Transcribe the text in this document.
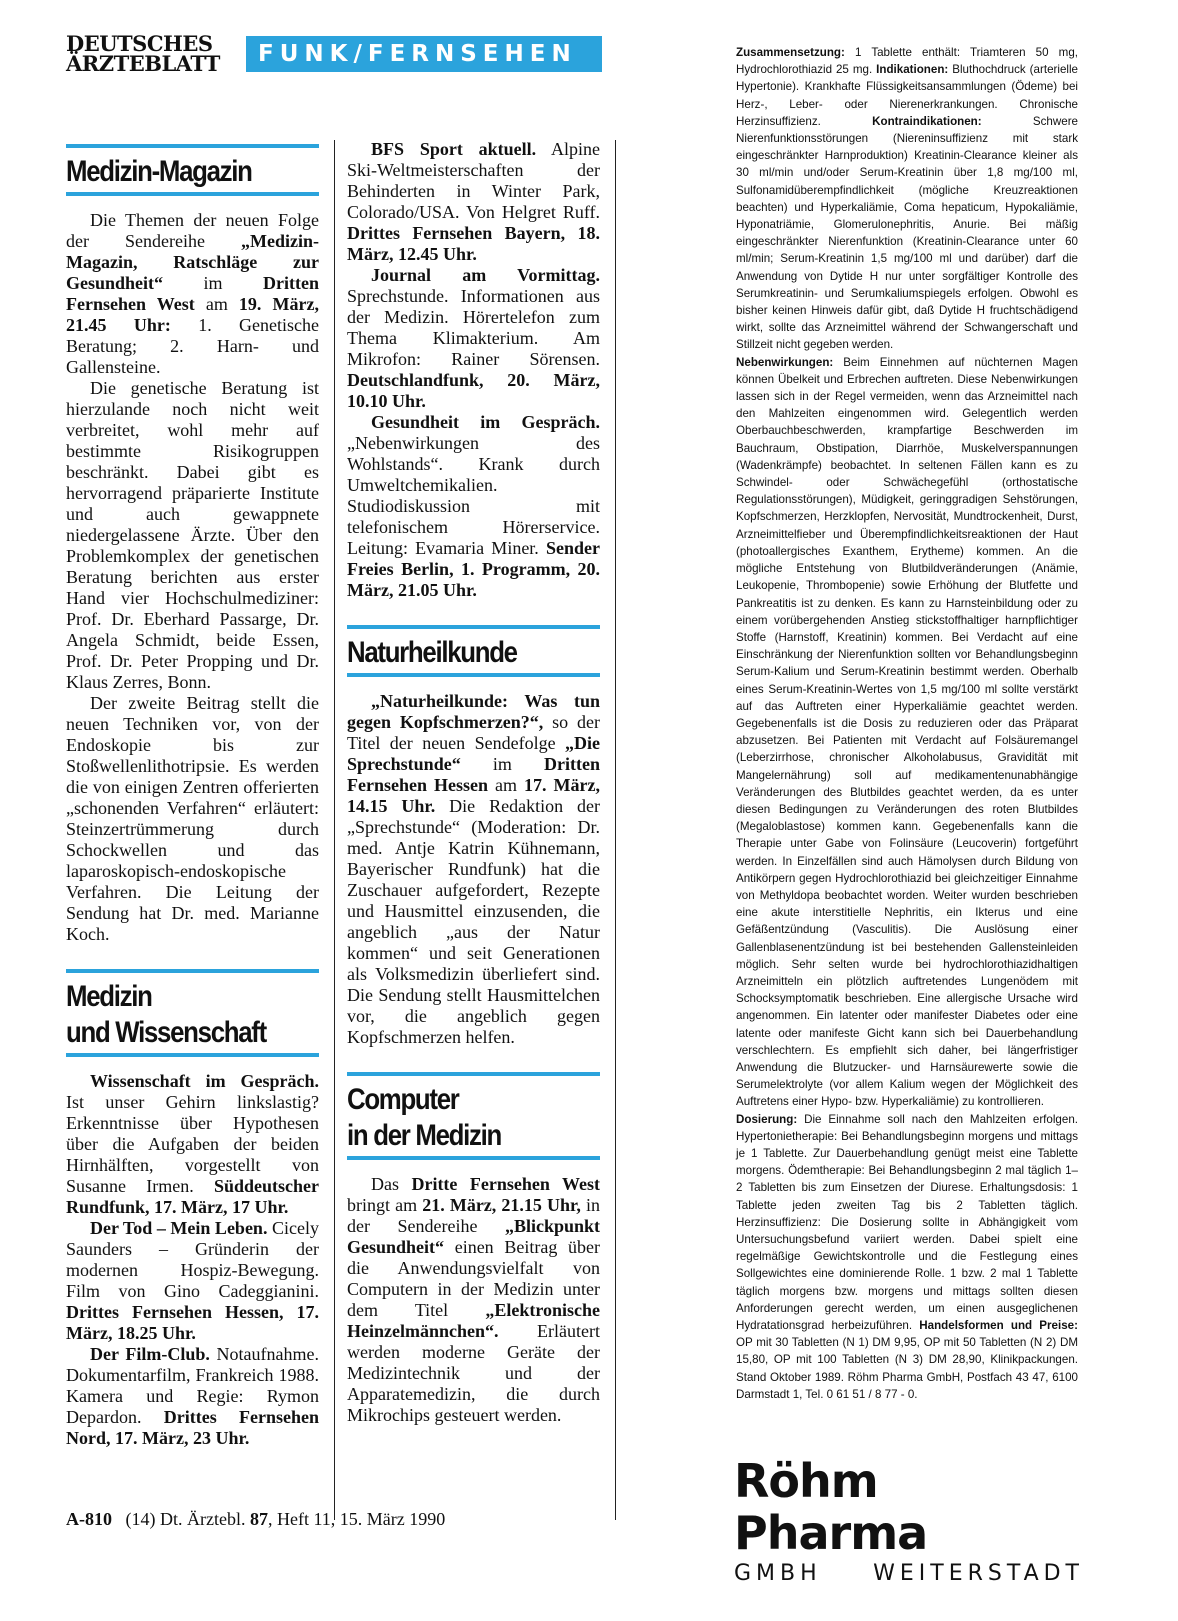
DEUTSCHES
ÄRZTEBLATT	FUNK/FERNSEHEN
Medizin-Magazin

Die Themen der neuen Folge der Sendereihe „Medizin-Magazin, Ratschläge zur Gesundheit“ im Dritten Fernsehen West am 19. März, 21.45 Uhr: 1. Genetische Beratung; 2. Harn- und Gallensteine.

Die genetische Beratung ist hierzulande noch nicht weit verbreitet, wohl mehr auf bestimmte Risikogruppen beschränkt. Dabei gibt es hervorragend präparierte Institute und auch gewappnete niedergelassene Ärzte. Über den Problemkomplex der genetischen Beratung berichten aus erster Hand vier Hochschulmediziner: Prof. Dr. Eberhard Passarge, Dr. Angela Schmidt, beide Essen, Prof. Dr. Peter Propping und Dr. Klaus Zerres, Bonn.

Der zweite Beitrag stellt die neuen Techniken vor, von der Endoskopie bis zur Stoßwellenlithotripsie. Es werden die von einigen Zentren offerierten „schonenden Verfahren“ erläutert: Steinzertrümmerung durch Schockwellen und das laparoskopisch-endoskopische Verfahren. Die Leitung der Sendung hat Dr. med. Marianne Koch.

Medizin
und Wissenschaft

Wissenschaft im Gespräch. Ist unser Gehirn linkslastig? Erkenntnisse über Hypothesen über die Aufgaben der beiden Hirnhälften, vorgestellt von Susanne Irmen. Süddeutscher Rundfunk, 17. März, 17 Uhr.

Der Tod – Mein Leben. Cicely Saunders – Gründerin der modernen Hospiz-Bewegung. Film von Gino Cadeggianini. Drittes Fernsehen Hessen, 17. März, 18.25 Uhr.

Der Film-Club. Notaufnahme. Dokumentarfilm, Frankreich 1988. Kamera und Regie: Rymon Depardon. Drittes Fernsehen Nord, 17. März, 23 Uhr.

BFS Sport aktuell. Alpine Ski-Weltmeisterschaften der Behinderten in Winter Park, Colorado/USA. Von Helgret Ruff. Drittes Fernsehen Bayern, 18. März, 12.45 Uhr.

Journal am Vormittag. Sprechstunde. Informationen aus der Medizin. Hörertelefon zum Thema Klimakterium. Am Mikrofon: Rainer Sörensen. Deutschlandfunk, 20. März, 10.10 Uhr.

Gesundheit im Gespräch. „Nebenwirkungen des Wohlstands“. Krank durch Umweltchemikalien. Studiodiskussion mit telefonischem Hörerservice. Leitung: Evamaria Miner. Sender Freies Berlin, 1. Programm, 20. März, 21.05 Uhr.

Naturheilkunde

„Naturheilkunde: Was tun gegen Kopfschmerzen?“, so der Titel der neuen Sendefolge „Die Sprechstunde“ im Dritten Fernsehen Hessen am 17. März, 14.15 Uhr. Die Redaktion der „Sprechstunde“ (Moderation: Dr. med. Antje Katrin Kühnemann, Bayerischer Rundfunk) hat die Zuschauer aufgefordert, Rezepte und Hausmittel einzusenden, die angeblich „aus der Natur kommen“ und seit Generationen als Volksmedizin überliefert sind. Die Sendung stellt Hausmittelchen vor, die angeblich gegen Kopfschmerzen helfen.

Computer
in der Medizin

Das Dritte Fernsehen West bringt am 21. März, 21.15 Uhr, in der Sendereihe „Blickpunkt Gesundheit“ einen Beitrag über die Anwendungsvielfalt von Computern in der Medizin unter dem Titel „Elektronische Heinzelmännchen“. Erläutert werden moderne Geräte der Medizintechnik und der Apparatemedizin, die durch Mikrochips gesteuert werden.

Zusammensetzung: 1 Tablette enthält: Triamteren 50 mg, Hydrochlorothiazid 25 mg. Indikationen: Bluthochdruck (arterielle Hypertonie). Krankhafte Flüssigkeitsansammlungen (Ödeme) bei Herz-, Leber- oder Nierenerkrankungen. Chronische Herzinsuffizienz. Kontraindikationen: Schwere Nierenfunktionsstörungen (Niereninsuffizienz mit stark eingeschränkter Harnproduktion) Kreatinin-Clearance kleiner als 30 ml/min und/oder Serum-Kreatinin über 1,8 mg/100 ml, Sulfonamidüberempfindlichkeit (mögliche Kreuzreaktionen beachten) und Hyperkaliämie, Coma hepaticum, Hypokaliämie, Hyponatriämie, Glomerulonephritis, Anurie. Bei mäßig eingeschränkter Nierenfunktion (Kreatinin-Clearance unter 60 ml/min; Serum-Kreatinin 1,5 mg/100 ml und darüber) darf die Anwendung von Dytide H nur unter sorgfältiger Kontrolle des Serumkreatinin- und Serumkaliumspiegels erfolgen. Obwohl es bisher keinen Hinweis dafür gibt, daß Dytide H fruchtschädigend wirkt, sollte das Arzneimittel während der Schwangerschaft und Stillzeit nicht gegeben werden.
Nebenwirkungen: Beim Einnehmen auf nüchternen Magen können Übelkeit und Erbrechen auftreten. Diese Nebenwirkungen lassen sich in der Regel vermeiden, wenn das Arzneimittel nach den Mahlzeiten eingenommen wird. Gelegentlich werden Oberbauchbeschwerden, krampfartige Beschwerden im Bauchraum, Obstipation, Diarrhöe, Muskelverspannungen (Wadenkrämpfe) beobachtet. In seltenen Fällen kann es zu Schwindel- oder Schwächegefühl (orthostatische Regulationsstörungen), Müdigkeit, geringgradigen Sehstörungen, Kopfschmerzen, Herzklopfen, Nervosität, Mundtrockenheit, Durst, Arzneimittelfieber und Überempfindlichkeitsreaktionen der Haut (photoallergisches Exanthem, Erytheme) kommen. An die mögliche Entstehung von Blutbildveränderungen (Anämie, Leukopenie, Thrombopenie) sowie Erhöhung der Blutfette und Pankreatitis ist zu denken. Es kann zu Harnsteinbildung oder zu einem vorübergehenden Anstieg stickstoffhaltiger harnpflichtiger Stoffe (Harnstoff, Kreatinin) kommen. Bei Verdacht auf eine Einschränkung der Nierenfunktion sollten vor Behandlungsbeginn Serum-Kalium und Serum-Kreatinin bestimmt werden. Oberhalb eines Serum-Kreatinin-Wertes von 1,5 mg/100 ml sollte verstärkt auf das Auftreten einer Hyperkaliämie geachtet werden. Gegebenenfalls ist die Dosis zu reduzieren oder das Präparat abzusetzen. Bei Patienten mit Verdacht auf Folsäuremangel (Leberzirrhose, chronischer Alkoholabusus, Gravidität mit Mangelernährung) soll auf medikamentenunabhängige Veränderungen des Blutbildes geachtet werden, da es unter diesen Bedingungen zu Veränderungen des roten Blutbildes (Megaloblastose) kommen kann. Gegebenenfalls kann die Therapie unter Gabe von Folinsäure (Leucoverin) fortgeführt werden. In Einzelfällen sind auch Hämolysen durch Bildung von Antikörpern gegen Hydrochlorothiazid bei gleichzeitiger Einnahme von Methyldopa beobachtet worden. Weiter wurden beschrieben eine akute interstitielle Nephritis, ein Ikterus und eine Gefäßentzündung (Vasculitis). Die Auslösung einer Gallenblasenentzündung ist bei bestehenden Gallensteinleiden möglich. Sehr selten wurde bei hydrochlorothiazidhaltigen Arzneimitteln ein plötzlich auftretendes Lungenödem mit Schocksymptomatik beschrieben. Eine allergische Ursache wird angenommen. Ein latenter oder manifester Diabetes oder eine latente oder manifeste Gicht kann sich bei Dauerbehandlung verschlechtern. Es empfiehlt sich daher, bei längerfristiger Anwendung die Blutzucker- und Harnsäurewerte sowie die Serumelektrolyte (vor allem Kalium wegen der Möglichkeit des Auftretens einer Hypo- bzw. Hyperkaliämie) zu kontrollieren.
Dosierung: Die Einnahme soll nach den Mahlzeiten erfolgen. Hypertonietherapie: Bei Behandlungsbeginn morgens und mittags je 1 Tablette. Zur Dauerbehandlung genügt meist eine Tablette morgens. Ödemtherapie: Bei Behandlungsbeginn 2 mal täglich 1–2 Tabletten bis zum Einsetzen der Diurese. Erhaltungsdosis: 1 Tablette jeden zweiten Tag bis 2 Tabletten täglich. Herzinsuffizienz: Die Dosierung sollte in Abhängigkeit vom Untersuchungsbefund variiert werden. Dabei spielt eine regelmäßige Gewichtskontrolle und die Festlegung eines Sollgewichtes eine dominierende Rolle. 1 bzw. 2 mal 1 Tablette täglich morgens bzw. morgens und mittags sollten diesen Anforderungen gerecht werden, um einen ausgeglichenen Hydratationsgrad herbeizuführen. Handelsformen und Preise: OP mit 30 Tabletten (N 1) DM 9,95, OP mit 50 Tabletten (N 2) DM 15,80, OP mit 100 Tabletten (N 3) DM 28,90, Klinikpackungen. Stand Oktober 1989. Röhm Pharma GmbH, Postfach 43 47, 6100 Darmstadt 1, Tel. 0 61 51 / 8 77 - 0.
Röhm Pharma
GMBH WEITERSTADT
A-810 (14) Dt. Ärztebl. 87, Heft 11, 15. März 1990
